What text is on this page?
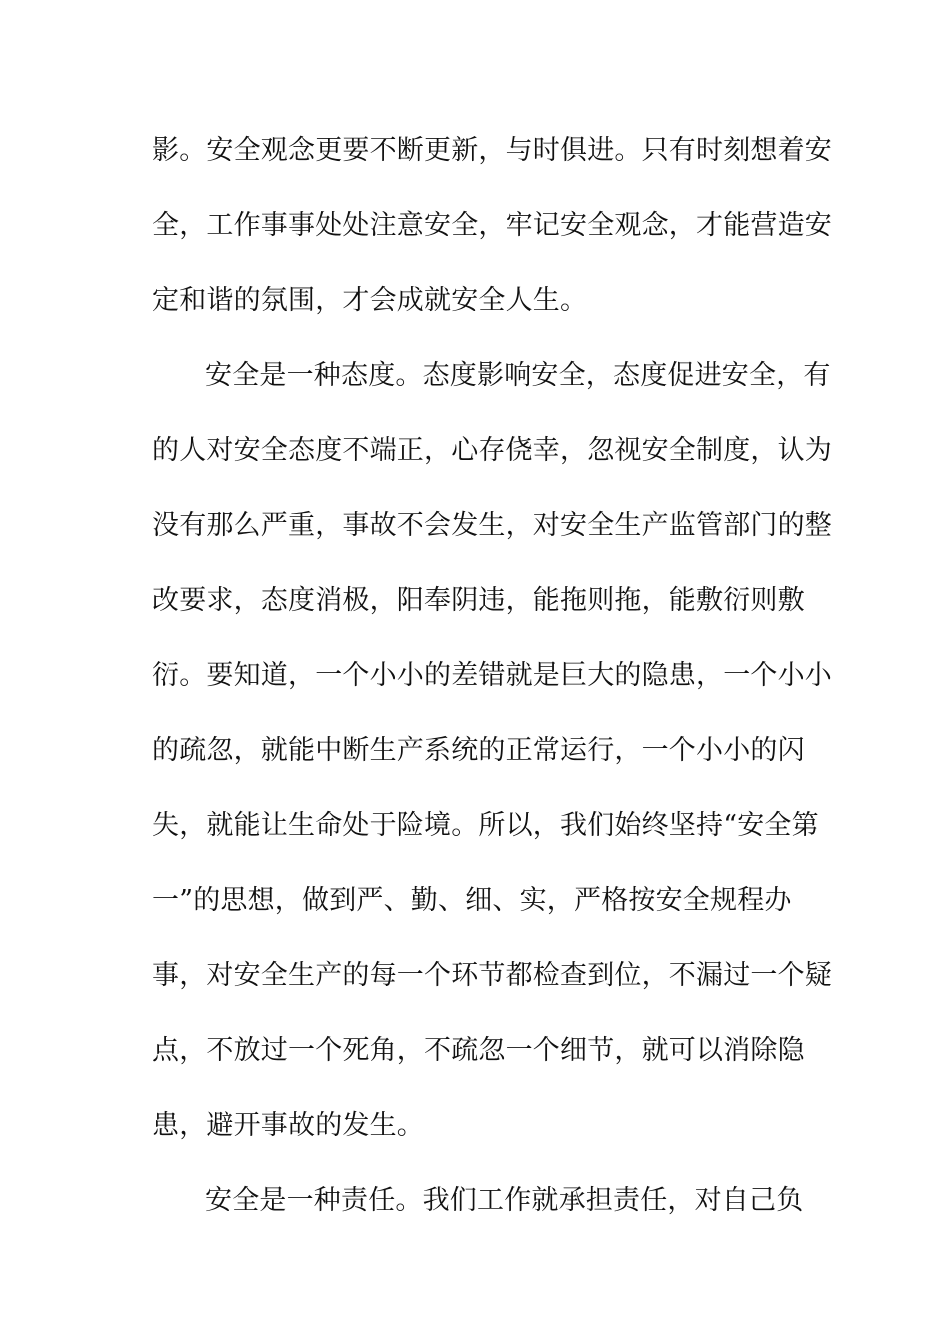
影。安全观念更要不断更新，与时俱进。只有时刻想着安
全，工作事事处处注意安全，牢记安全观念，才能营造安
定和谐的氛围，才会成就安全人生。
安全是一种态度。态度影响安全，态度促进安全，有
的人对安全态度不端正，心存侥幸，忽视安全制度，认为
没有那么严重，事故不会发生，对安全生产监管部门的整
改要求，态度消极，阳奉阴违，能拖则拖，能敷衍则敷
衍。要知道，一个小小的差错就是巨大的隐患，一个小小
的疏忽，就能中断生产系统的正常运行，一个小小的闪
失，就能让生命处于险境。所以，我们始终坚持“安全第
一”的思想，做到严、勤、细、实，严格按安全规程办
事，对安全生产的每一个环节都检查到位，不漏过一个疑
点，不放过一个死角，不疏忽一个细节，就可以消除隐
患，避开事故的发生。
安全是一种责任。我们工作就承担责任，对自己负
